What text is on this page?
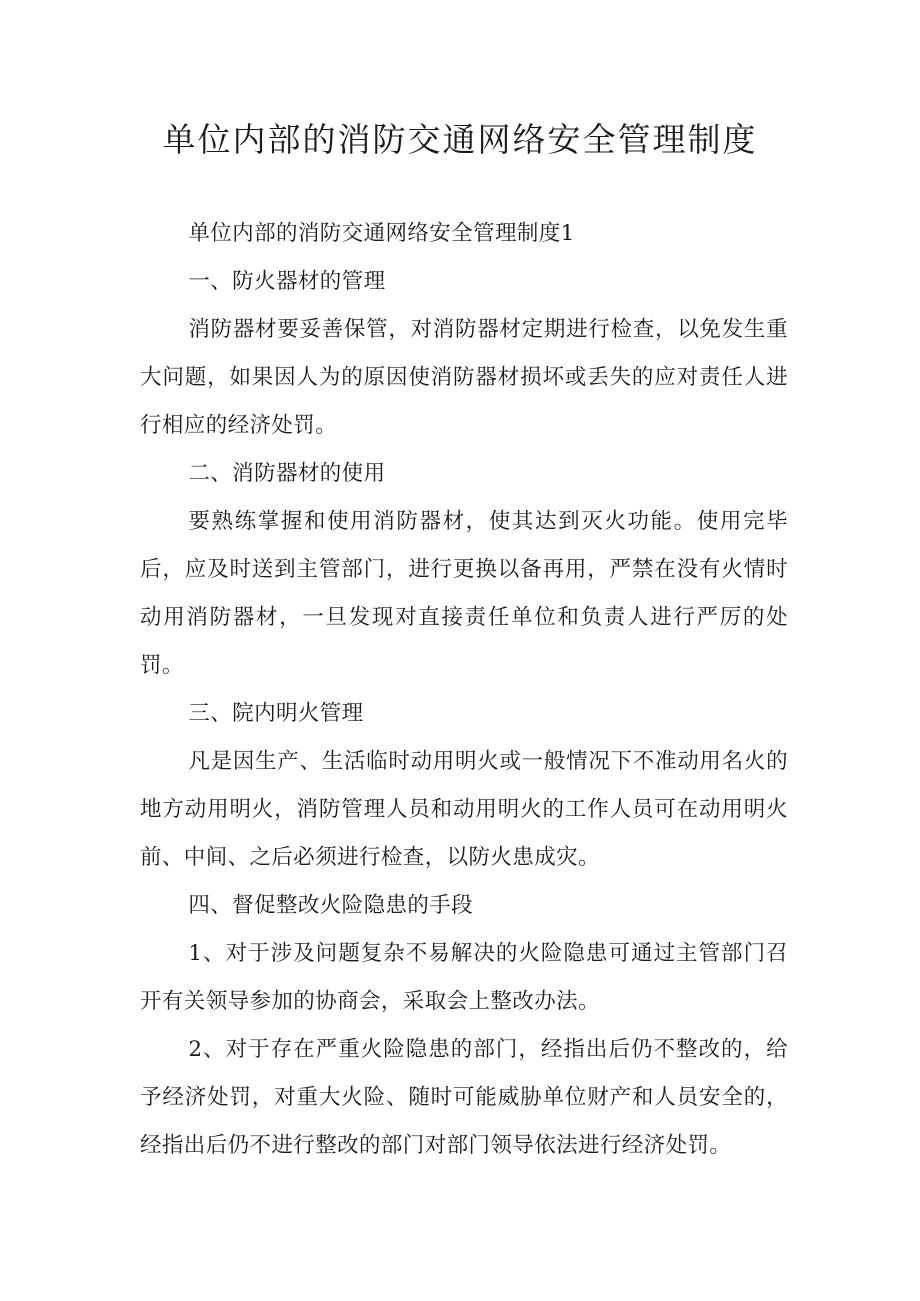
单位内部的消防交通网络安全管理制度

单位内部的消防交通网络安全管理制度1

一、防火器材的管理

消防器材要妥善保管，对消防器材定期进行检查，以免发生重大问题，如果因人为的原因使消防器材损坏或丢失的应对责任人进行相应的经济处罚。

二、消防器材的使用

要熟练掌握和使用消防器材，使其达到灭火功能。使用完毕后，应及时送到主管部门，进行更换以备再用，严禁在没有火情时动用消防器材，一旦发现对直接责任单位和负责人进行严厉的处罚。

三、院内明火管理

凡是因生产、生活临时动用明火或一般情况下不准动用名火的地方动用明火，消防管理人员和动用明火的工作人员可在动用明火前、中间、之后必须进行检查，以防火患成灾。

四、督促整改火险隐患的手段

1、对于涉及问题复杂不易解决的火险隐患可通过主管部门召开有关领导参加的协商会，采取会上整改办法。

2、对于存在严重火险隐患的部门，经指出后仍不整改的，给予经济处罚，对重大火险、随时可能威胁单位财产和人员安全的，经指出后仍不进行整改的部门对部门领导依法进行经济处罚。
